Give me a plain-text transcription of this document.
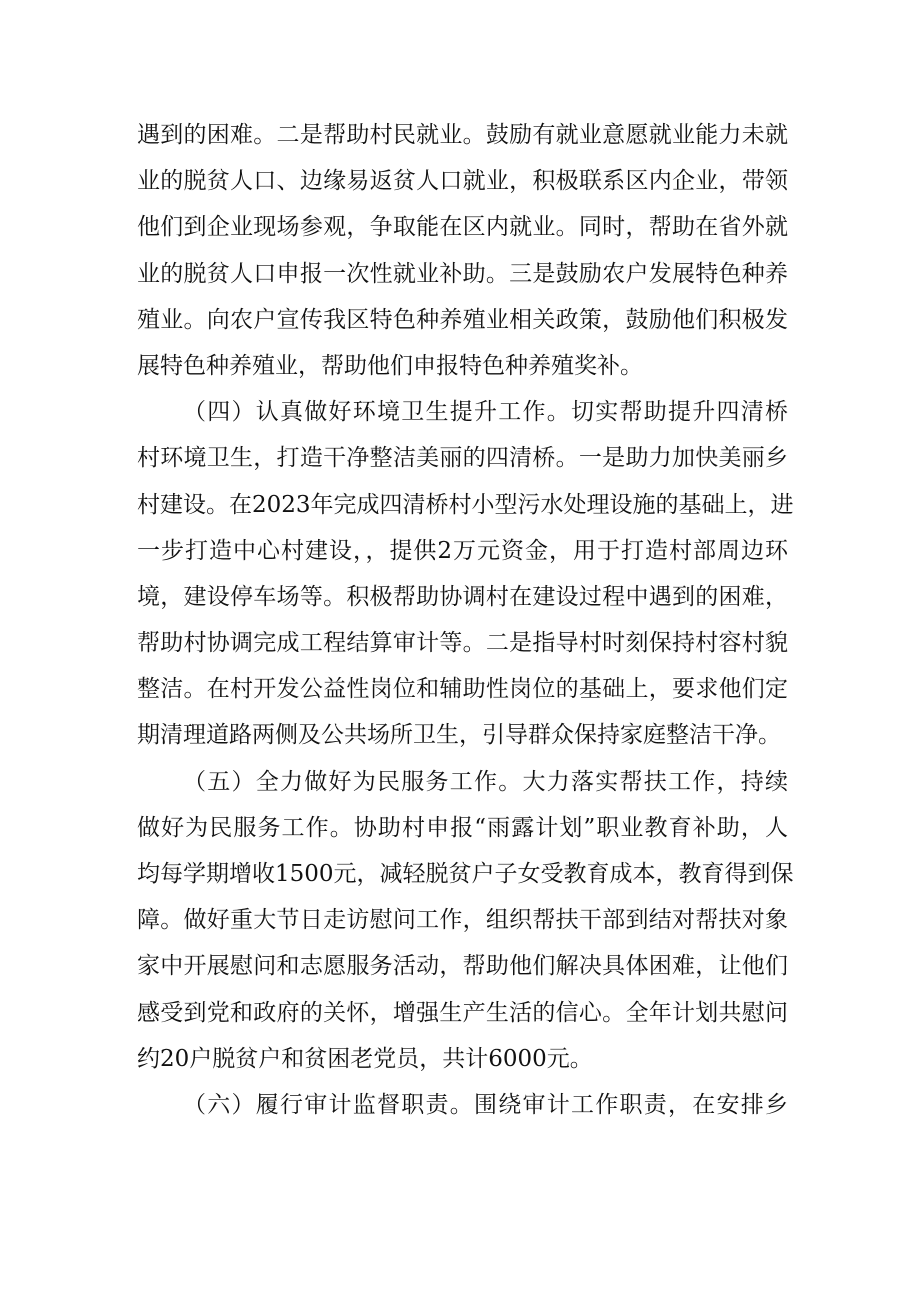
遇到的困难。二是帮助村民就业。鼓励有就业意愿就业能力未就
业的脱贫人口、边缘易返贫人口就业，积极联系区内企业，带领
他们到企业现场参观，争取能在区内就业。同时，帮助在省外就
业的脱贫人口申报一次性就业补助。三是鼓励农户发展特色种养
殖业。向农户宣传我区特色种养殖业相关政策，鼓励他们积极发
展特色种养殖业，帮助他们申报特色种养殖奖补。
（四）认真做好环境卫生提升工作。切实帮助提升四清桥
村环境卫生，打造干净整洁美丽的四清桥。一是助力加快美丽乡
村建设。在2023年完成四清桥村小型污水处理设施的基础上，进
一步打造中心村建设，，提供2万元资金，用于打造村部周边环
境，建设停车场等。积极帮助协调村在建设过程中遇到的困难，
帮助村协调完成工程结算审计等。二是指导村时刻保持村容村貌
整洁。在村开发公益性岗位和辅助性岗位的基础上，要求他们定
期清理道路两侧及公共场所卫生，引导群众保持家庭整洁干净。
（五）全力做好为民服务工作。大力落实帮扶工作，持续
做好为民服务工作。协助村申报“雨露计划”职业教育补助，人
均每学期增收1500元，减轻脱贫户子女受教育成本，教育得到保
障。做好重大节日走访慰问工作，组织帮扶干部到结对帮扶对象
家中开展慰问和志愿服务活动，帮助他们解决具体困难，让他们
感受到党和政府的关怀，增强生产生活的信心。全年计划共慰问
约20户脱贫户和贫困老党员，共计6000元。
（六）履行审计监督职责。围绕审计工作职责，在安排乡
